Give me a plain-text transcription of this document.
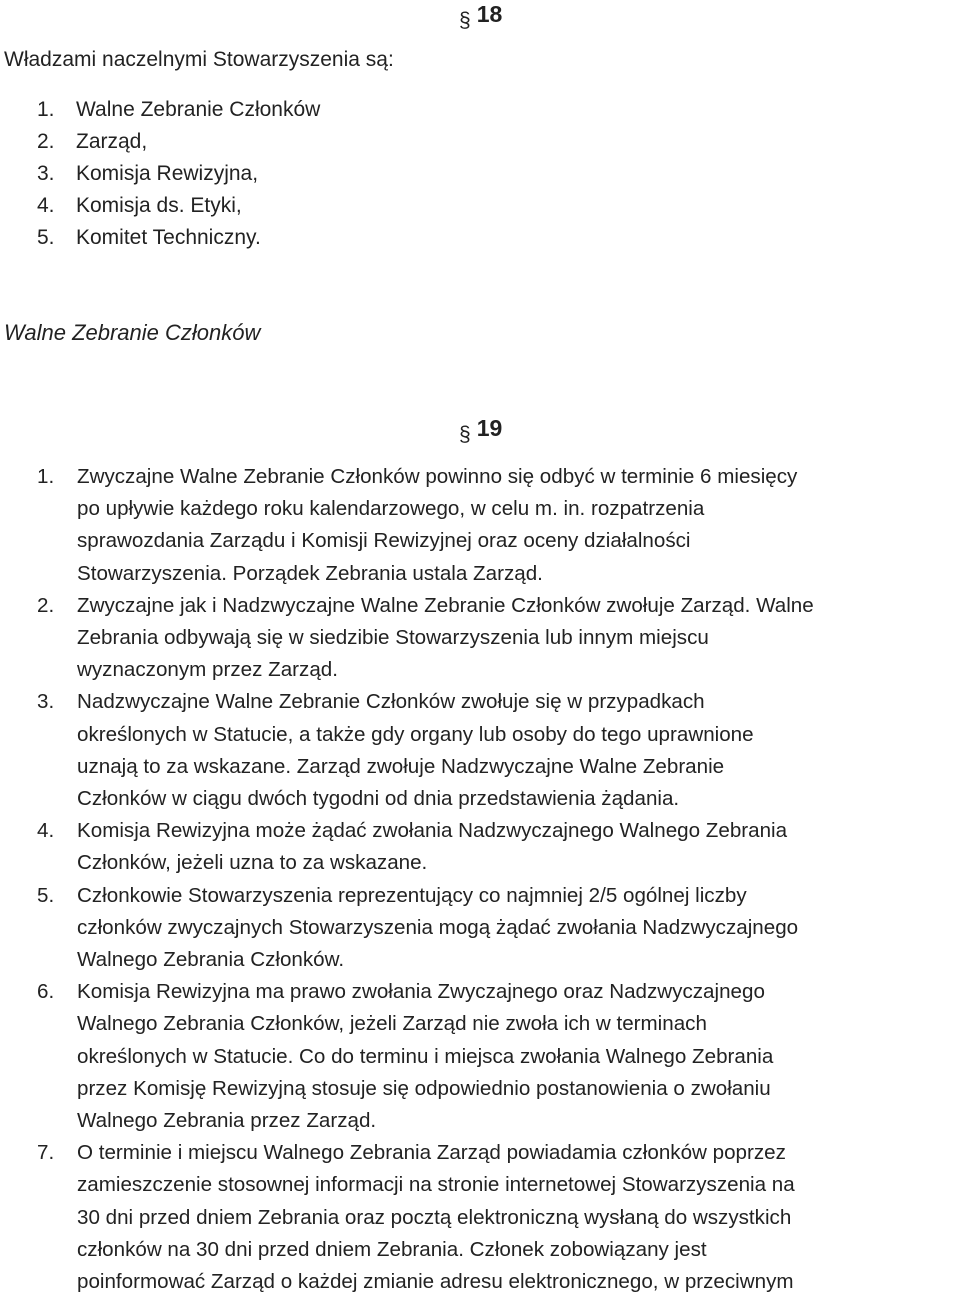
§ 18
Władzami naczelnymi Stowarzyszenia są:
1. Walne Zebranie Członków
2. Zarząd,
3. Komisja Rewizyjna,
4. Komisja ds. Etyki,
5. Komitet Techniczny.
Walne Zebranie Członków
§ 19
1. Zwyczajne Walne Zebranie Członków powinno się odbyć w terminie 6 miesięcy
po upływie każdego roku kalendarzowego, w celu m. in. rozpatrzenia
sprawozdania Zarządu i Komisji Rewizyjnej oraz oceny działalności
Stowarzyszenia. Porządek Zebrania ustala Zarząd.
2. Zwyczajne jak i Nadzwyczajne Walne Zebranie Członków zwołuje Zarząd. Walne
Zebrania odbywają się w siedzibie Stowarzyszenia lub innym miejscu
wyznaczonym przez Zarząd.
3. Nadzwyczajne Walne Zebranie Członków zwołuje się w przypadkach
określonych w Statucie, a także gdy organy lub osoby do tego uprawnione
uznają to za wskazane. Zarząd zwołuje Nadzwyczajne Walne Zebranie
Członków w ciągu dwóch tygodni od dnia przedstawienia żądania.
4. Komisja Rewizyjna może żądać zwołania Nadzwyczajnego Walnego Zebrania
Członków, jeżeli uzna to za wskazane.
5. Członkowie Stowarzyszenia reprezentujący co najmniej 2/5 ogólnej liczby
członków zwyczajnych Stowarzyszenia mogą żądać zwołania Nadzwyczajnego
Walnego Zebrania Członków.
6. Komisja Rewizyjna ma prawo zwołania Zwyczajnego oraz Nadzwyczajnego
Walnego Zebrania Członków, jeżeli Zarząd nie zwoła ich w terminach
określonych w Statucie. Co do terminu i miejsca zwołania Walnego Zebrania
przez Komisję Rewizyjną stosuje się odpowiednio postanowienia o zwołaniu
Walnego Zebrania przez Zarząd.
7. O terminie i miejscu Walnego Zebrania Zarząd powiadamia członków poprzez
zamieszczenie stosownej informacji na stronie internetowej Stowarzyszenia na
30 dni przed dniem Zebrania oraz pocztą elektroniczną wysłaną do wszystkich
członków na 30 dni przed dniem Zebrania. Członek zobowiązany jest
poinformować Zarząd o każdej zmianie adresu elektronicznego, w przeciwnym
